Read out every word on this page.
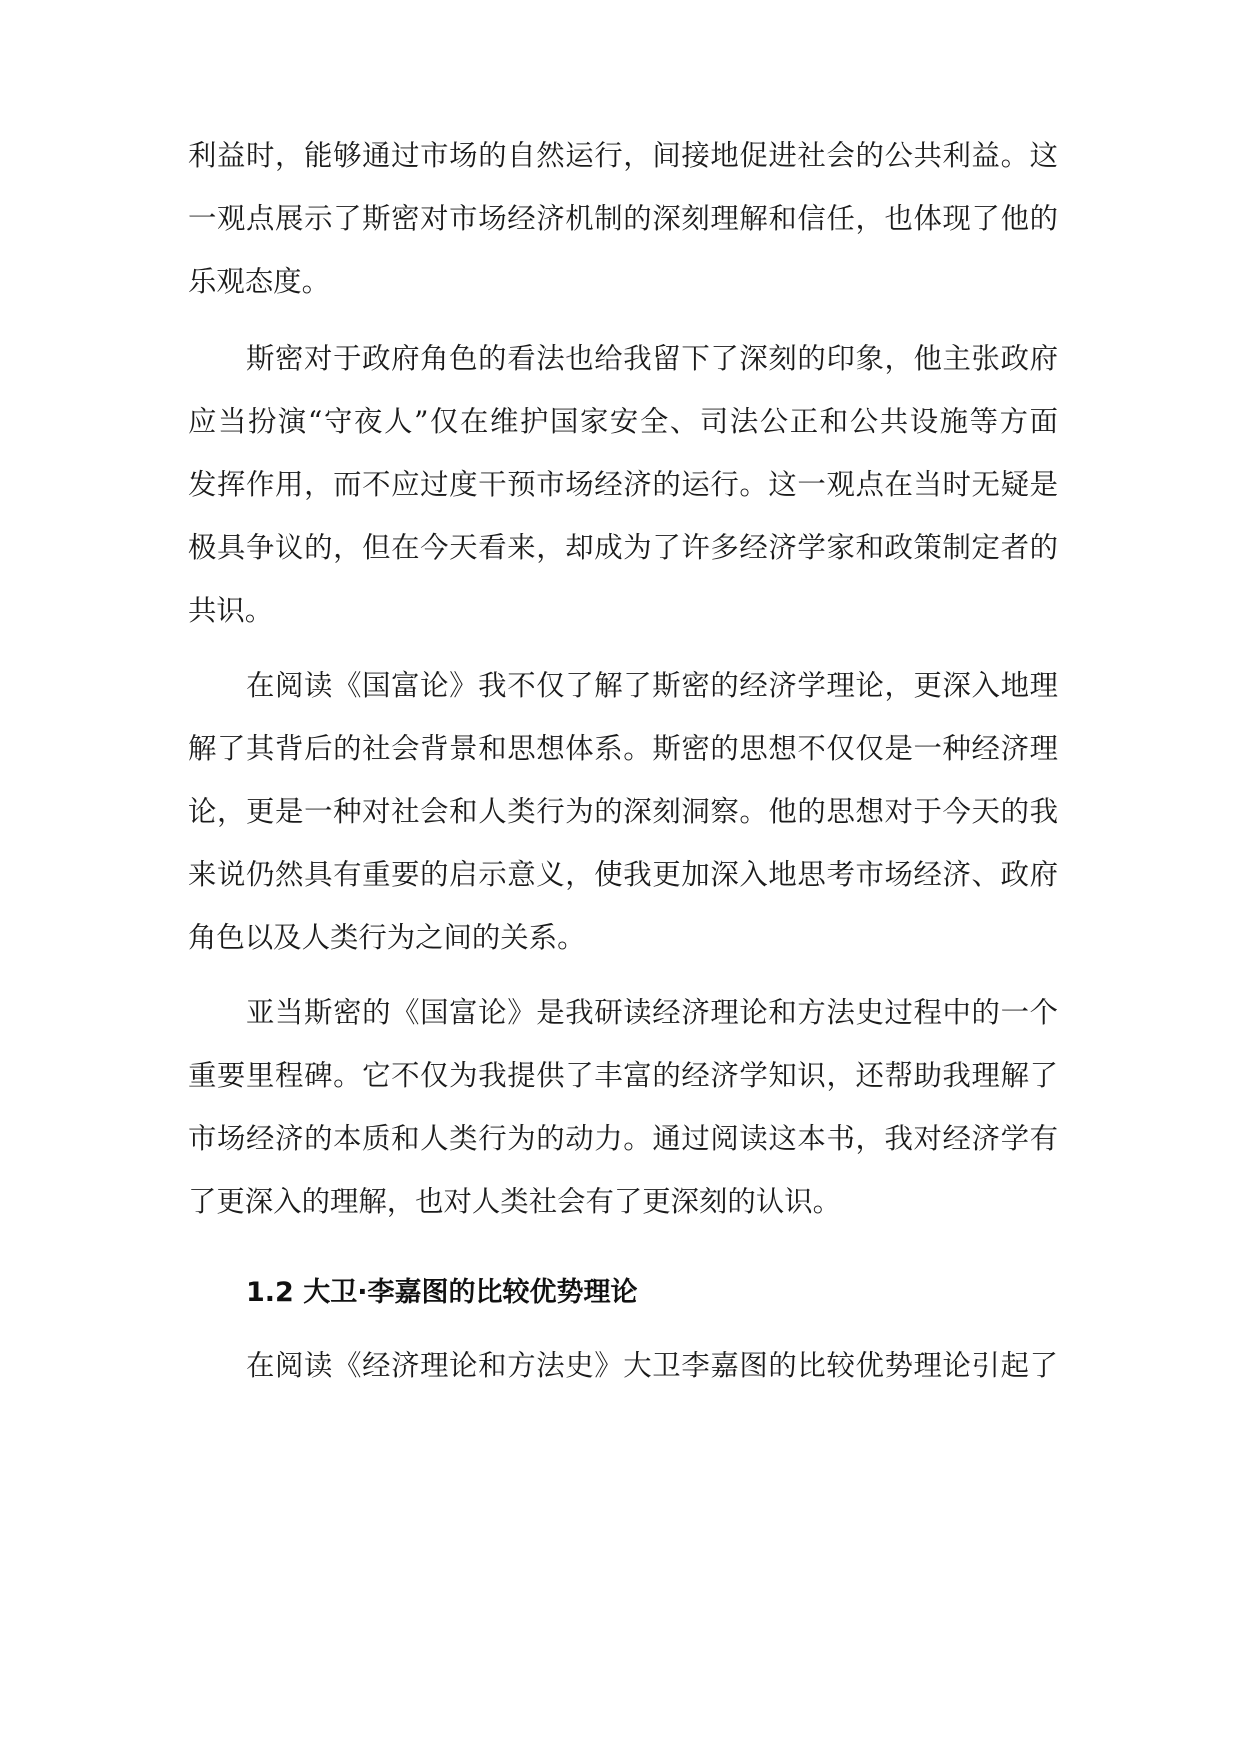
利益时，能够通过市场的自然运行，间接地促进社会的公共利益。这
一观点展示了斯密对市场经济机制的深刻理解和信任，也体现了他的
乐观态度。
斯密对于政府角色的看法也给我留下了深刻的印象，他主张政府
应当扮演“守夜人”仅在维护国家安全、司法公正和公共设施等方面
发挥作用，而不应过度干预市场经济的运行。这一观点在当时无疑是
极具争议的，但在今天看来，却成为了许多经济学家和政策制定者的
共识。
在阅读《国富论》我不仅了解了斯密的经济学理论，更深入地理
解了其背后的社会背景和思想体系。斯密的思想不仅仅是一种经济理
论，更是一种对社会和人类行为的深刻洞察。他的思想对于今天的我
来说仍然具有重要的启示意义，使我更加深入地思考市场经济、政府
角色以及人类行为之间的关系。
亚当斯密的《国富论》是我研读经济理论和方法史过程中的一个
重要里程碑。它不仅为我提供了丰富的经济学知识，还帮助我理解了
市场经济的本质和人类行为的动力。通过阅读这本书，我对经济学有
了更深入的理解，也对人类社会有了更深刻的认识。
1.2 大卫·李嘉图的比较优势理论
在阅读《经济理论和方法史》大卫李嘉图的比较优势理论引起了
